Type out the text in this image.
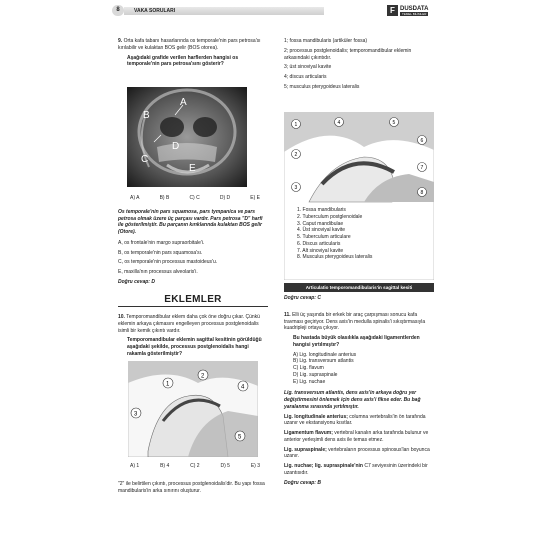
8	VAKA SORULARI	F DUSDATA
TEMEL BİLİMLER
9. Orta kafa tabanı hasarlarında os temporale'nin pars petrosa'sı kırılabilir ve kulaktan BOS gelir (BOS otorea).
Aşağıdaki grafide verilen harflerden hangisi os temporale'nin pars petrosa'sını gösterir?
A
B
C
D
E
A) A	B) B	C) C	D) D	E) E
Os temporale'nin pars squamosa, pars tympanica ve pars petrosa olmak üzere üç parçası vardır. Pars petrosa "D" harfi ile gösterilmiştir. Bu parçanın kırıklarında kulaktan BOS gelir (Otore).
A, os frontale'nin margo supraorbitale'i.
B, os temporale'nin pars squamosa'sı.
C, os temporale'nin processus mastoideus'u.
E, maxilla'nın processus alveolaris'i.
Doğru cevap: D
EKLEMLER
10. Temporomandibular eklem daha çok öne doğru çıkar. Çünkü eklemin arkaya çıkmasını engelleyen processus postglenoidalis isimli bir kemik çıkıntı vardır.
Temporomandibular eklemin sagittal kesitinin görüldüğü aşağıdaki şekilde, processus postglenoidalis hangi rakamla gösterilmiştir?
1
2
3
4
5
A) 1	B) 4	C) 2	D) 5	E) 3
"2" ile belirtilen çıkıntı, processus postglenoidalis'dir. Bu yapı fossa mandibularis'in arka sınırını oluşturur.
1; fossa mandibularis (artiküler fossa)
2; processus postglenoidalis; temporomandibular eklemin arkasındaki çıkıntıdır.
3; üst sinoviyal kavite
4; discus articularis
5; musculus pterygoideus lateralis
1
2
3
4	5
6
7
8
1. Fossa mandibularis
2. Tuberculum postglenoidale
3. Caput mandibulae
4. Üst sinoviyal kavite
5. Tuberculum articulare
6. Discus articularis
7. Alt sinoviyal kavite
8. Musculus pterygoideus lateralis
Articulatio temporomandibularis'in sagittal kesiti
Doğru cevap: C
11. Elli üç yaşında bir erkek bir araç çarpışması sonucu kafa travması geçiriyor. Dens axis'in medulla spinalis'i sıkıştırmasıyla kuadripleji ortaya çıkıyor.
Bu hastada büyük olasılıkla aşağıdaki ligamentlerden hangisi yırtılmıştır?
A) Lig. longitudinale anterius
B) Lig. transversum atlantis
C) Lig. flavum
D) Lig. supraspinale
E) Lig. nuchae
Lig. transversum atlantis, dens axis'in arkaya doğru yer değiştirmesini önlemek için dens axis'i fikse eder. Bu bağ yaralanma sırasında yırtılmıştır.
Lig. longitudinale anterius; columna vertebralis'in ön tarafında uzanır ve ekstansiyonu kısıtlar.
Ligamentum flavum; vertebral kanalın arka tarafında bulunur ve anterior yerleşimli dens axis ile temas etmez.
Lig. supraspinale; vertebraların processus spinosus'ları boyunca uzanır.
Lig. nuchae; lig. supraspinale'nin C7 seviyesinin üzerindeki bir uzantısıdır.
Doğru cevap: B
